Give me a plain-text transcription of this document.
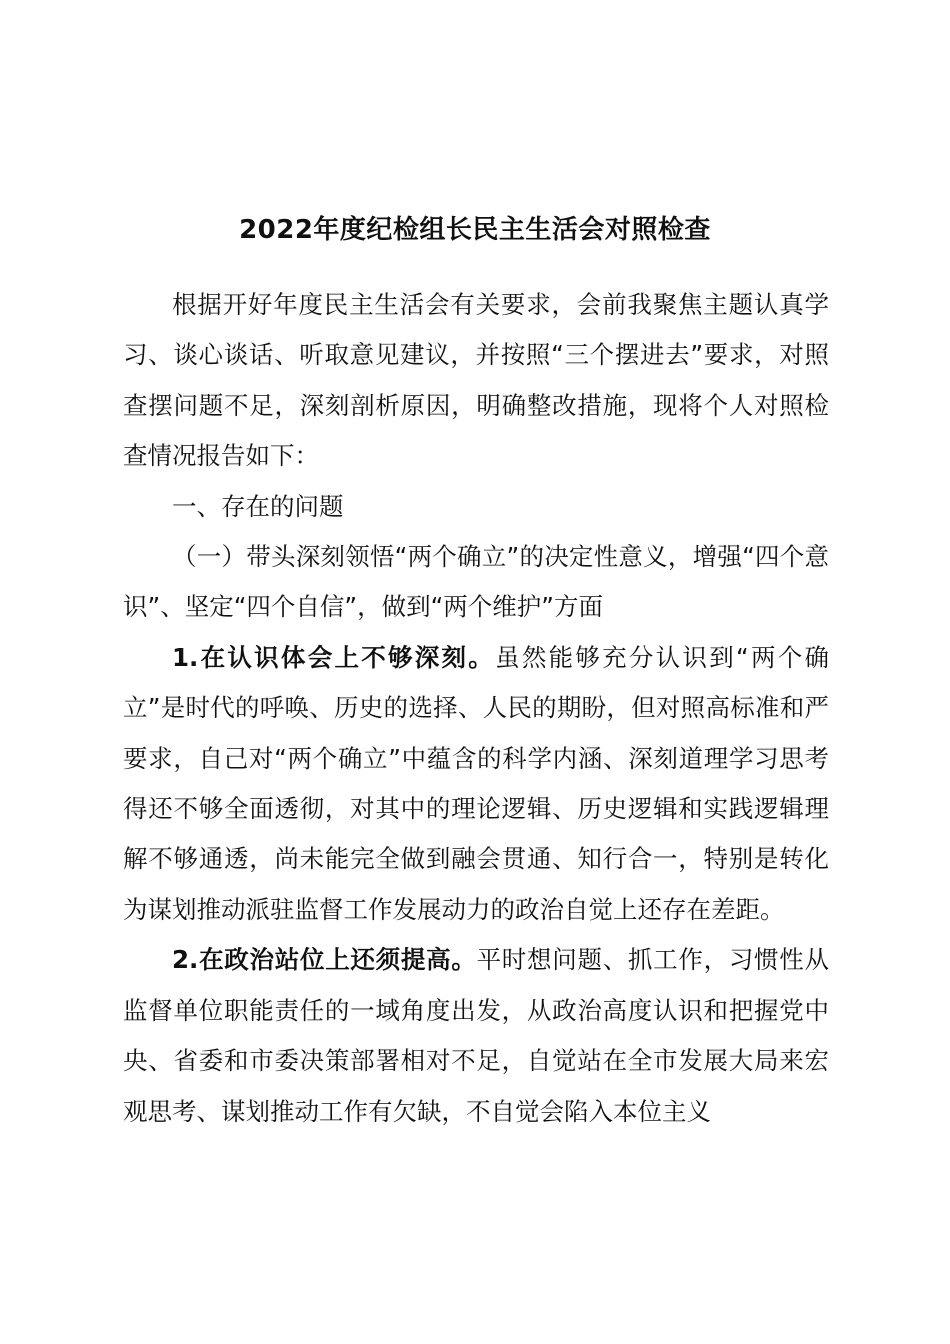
2022年度纪检组长民主生活会对照检查

根据开好年度民主生活会有关要求，会前我聚焦主题认真学习、谈心谈话、听取意见建议，并按照“三个摆进去”要求，对照查摆问题不足，深刻剖析原因，明确整改措施，现将个人对照检查情况报告如下：

一、存在的问题

（一）带头深刻领悟“两个确立”的决定性意义，增强“四个意识”、坚定“四个自信”，做到“两个维护”方面

1.在认识体会上不够深刻。虽然能够充分认识到“两个确立”是时代的呼唤、历史的选择、人民的期盼，但对照高标准和严要求，自己对“两个确立”中蕴含的科学内涵、深刻道理学习思考得还不够全面透彻，对其中的理论逻辑、历史逻辑和实践逻辑理解不够通透，尚未能完全做到融会贯通、知行合一，特别是转化为谋划推动派驻监督工作发展动力的政治自觉上还存在差距。

2.在政治站位上还须提高。平时想问题、抓工作，习惯性从监督单位职能责任的一域角度出发，从政治高度认识和把握党中央、省委和市委决策部署相对不足，自觉站在全市发展大局来宏观思考、谋划推动工作有欠缺，不自觉会陷入本位主义
